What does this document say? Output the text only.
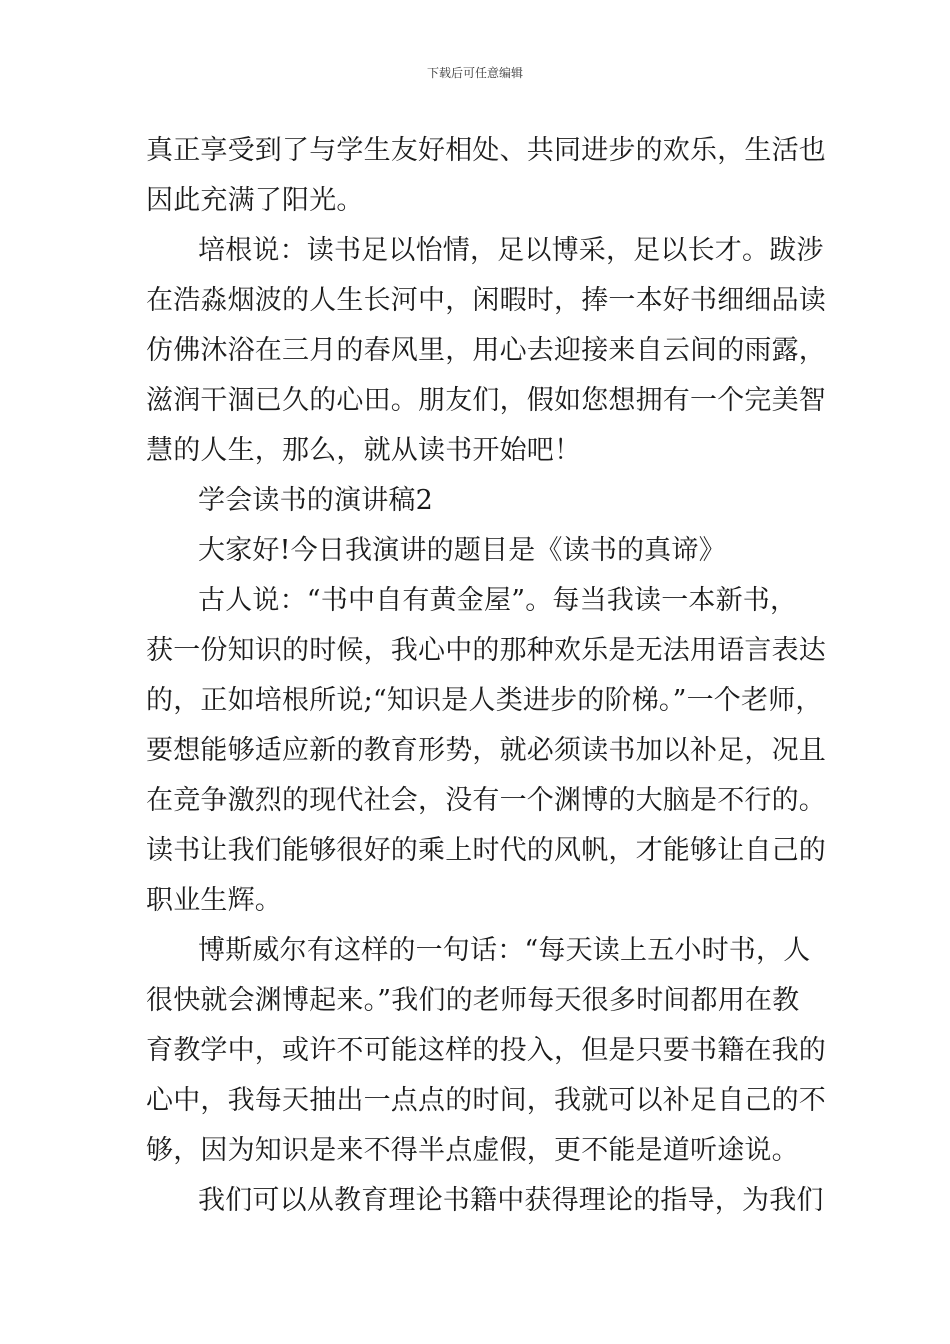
下载后可任意编辑
真正享受到了与学生友好相处、共同进步的欢乐，生活也
因此充满了阳光。
培根说：读书足以怡情，足以博采，足以长才。跋涉
在浩淼烟波的人生长河中，闲暇时，捧一本好书细细品读
仿佛沐浴在三月的春风里，用心去迎接来自云间的雨露，
滋润干涸已久的心田。朋友们，假如您想拥有一个完美智
慧的人生，那么，就从读书开始吧！
学会读书的演讲稿2
大家好!今日我演讲的题目是《读书的真谛》
古人说：“书中自有黄金屋”。每当我读一本新书，
获一份知识的时候，我心中的那种欢乐是无法用语言表达
的，正如培根所说;“知识是人类进步的阶梯。”一个老师，
要想能够适应新的教育形势，就必须读书加以补足，况且
在竞争激烈的现代社会，没有一个渊博的大脑是不行的。
读书让我们能够很好的乘上时代的风帆，才能够让自己的
职业生辉。
博斯威尔有这样的一句话：“每天读上五小时书，人
很快就会渊博起来。”我们的老师每天很多时间都用在教
育教学中，或许不可能这样的投入，但是只要书籍在我的
心中，我每天抽出一点点的时间，我就可以补足自己的不
够，因为知识是来不得半点虚假，更不能是道听途说。
我们可以从教育理论书籍中获得理论的指导，为我们
